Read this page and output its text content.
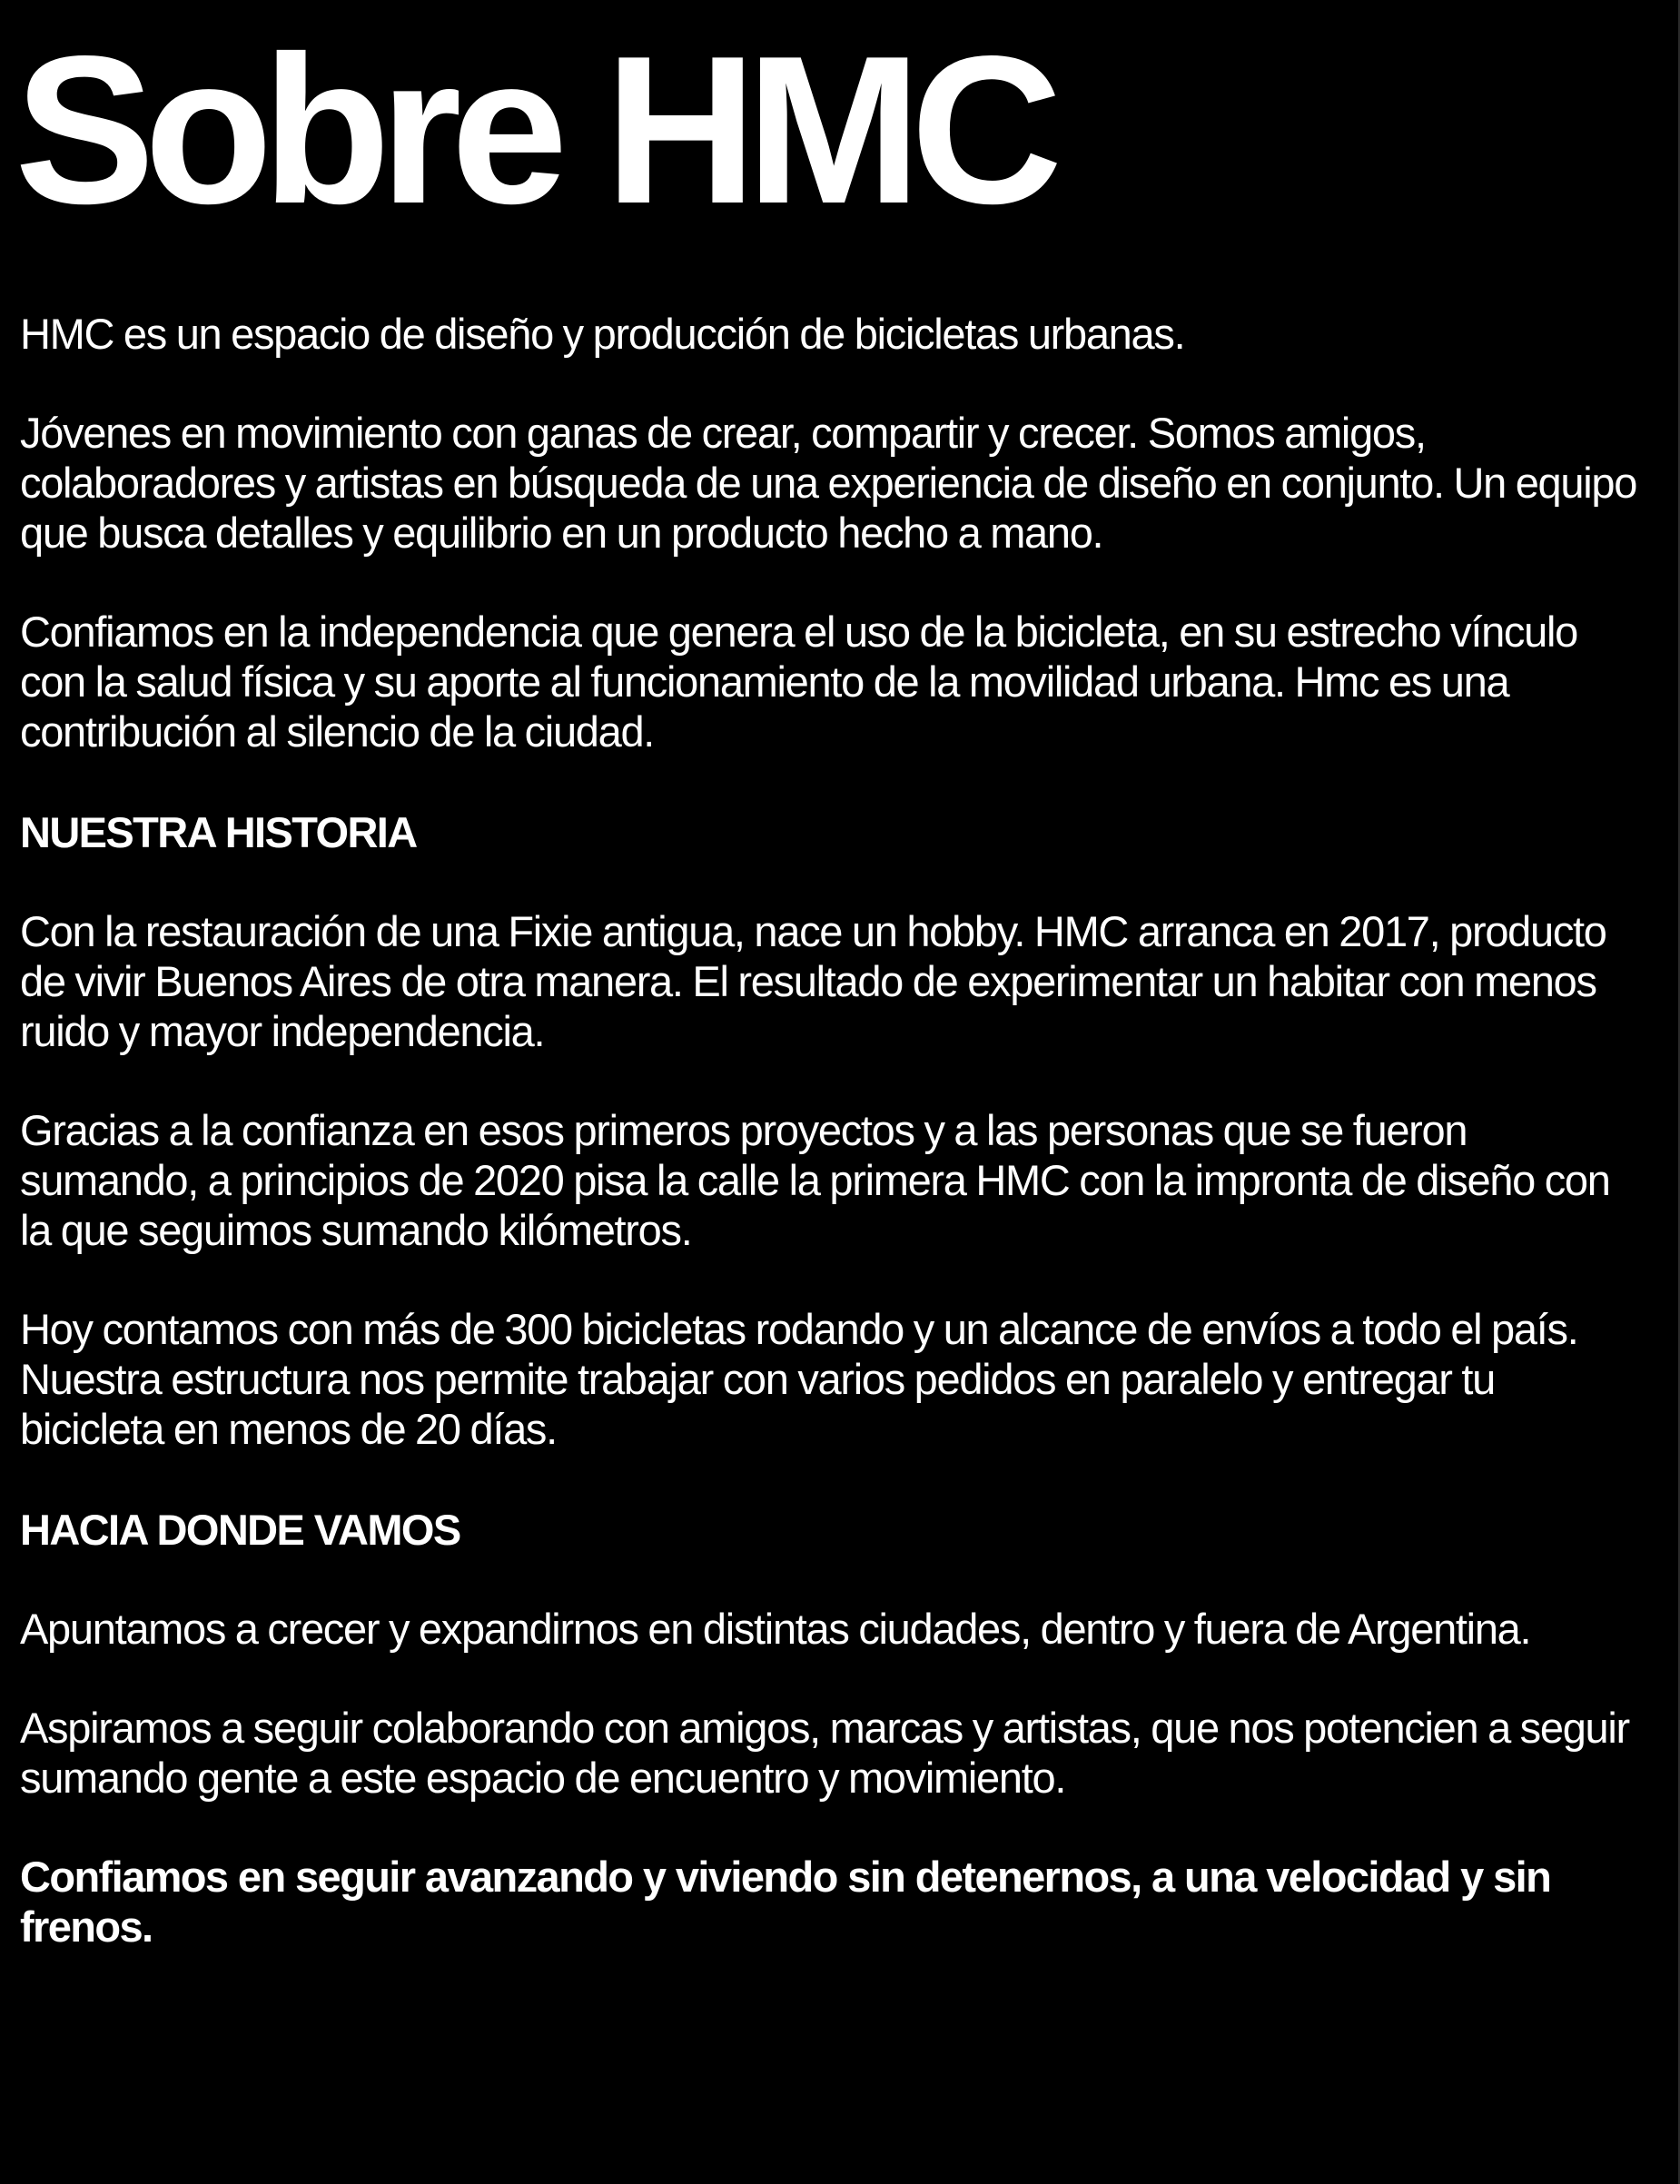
Sobre HMC

HMC es un espacio de diseño y producción de bicicletas urbanas.

Jóvenes en movimiento con ganas de crear, compartir y crecer. Somos amigos, colaboradores y artistas en búsqueda de una experiencia de diseño en conjunto. Un equipo que busca detalles y equilibrio en un producto hecho a mano.

Confiamos en la independencia que genera el uso de la bicicleta, en su estrecho vínculo con la salud física y su aporte al funcionamiento de la movilidad urbana. Hmc es una contribución al silencio de la ciudad.

NUESTRA HISTORIA

Con la restauración de una Fixie antigua, nace un hobby. HMC arranca en 2017, producto de vivir Buenos Aires de otra manera. El resultado de experimentar un habitar con menos ruido y mayor independencia.

Gracias a la confianza en esos primeros proyectos y a las personas que se fueron sumando, a principios de 2020 pisa la calle la primera HMC con la impronta de diseño con la que seguimos sumando kilómetros.

Hoy contamos con más de 300 bicicletas rodando y un alcance de envíos a todo el país. Nuestra estructura nos permite trabajar con varios pedidos en paralelo y entregar tu bicicleta en menos de 20 días.

HACIA DONDE VAMOS

Apuntamos a crecer y expandirnos en distintas ciudades, dentro y fuera de Argentina.

Aspiramos a seguir colaborando con amigos, marcas y artistas, que nos potencien a seguir sumando gente a este espacio de encuentro y movimiento.

Confiamos en seguir avanzando y viviendo sin detenernos, a una velocidad y sin frenos.
